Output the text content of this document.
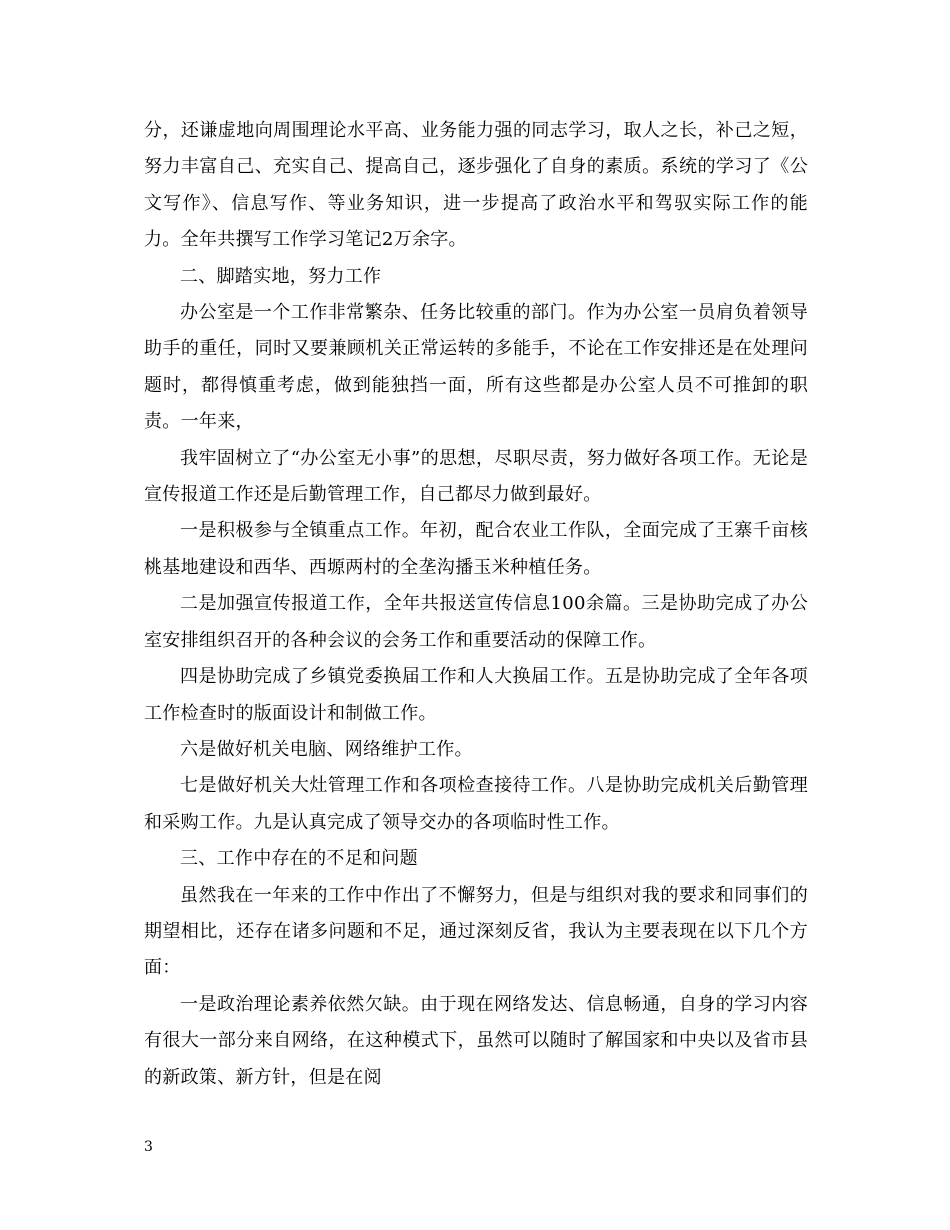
分，还谦虚地向周围理论水平高、业务能力强的同志学习，取人之长，补己之短，努力丰富自己、充实自己、提高自己，逐步强化了自身的素质。系统的学习了《公文写作》、信息写作、等业务知识，进一步提高了政治水平和驾驭实际工作的能力。全年共撰写工作学习笔记2万余字。

二、脚踏实地，努力工作

办公室是一个工作非常繁杂、任务比较重的部门。作为办公室一员肩负着领导助手的重任，同时又要兼顾机关正常运转的多能手，不论在工作安排还是在处理问题时，都得慎重考虑，做到能独挡一面，所有这些都是办公室人员不可推卸的职责。一年来，

我牢固树立了“办公室无小事”的思想，尽职尽责，努力做好各项工作。无论是宣传报道工作还是后勤管理工作，自己都尽力做到最好。

一是积极参与全镇重点工作。年初，配合农业工作队，全面完成了王寨千亩核桃基地建设和西华、西塬两村的全垄沟播玉米种植任务。

二是加强宣传报道工作，全年共报送宣传信息100余篇。三是协助完成了办公室安排组织召开的各种会议的会务工作和重要活动的保障工作。

四是协助完成了乡镇党委换届工作和人大换届工作。五是协助完成了全年各项工作检查时的版面设计和制做工作。

六是做好机关电脑、网络维护工作。

七是做好机关大灶管理工作和各项检查接待工作。八是协助完成机关后勤管理和采购工作。九是认真完成了领导交办的各项临时性工作。

三、工作中存在的不足和问题

虽然我在一年来的工作中作出了不懈努力，但是与组织对我的要求和同事们的期望相比，还存在诸多问题和不足，通过深刻反省，我认为主要表现在以下几个方面：

一是政治理论素养依然欠缺。由于现在网络发达、信息畅通，自身的学习内容有很大一部分来自网络，在这种模式下，虽然可以随时了解国家和中央以及省市县的新政策、新方针，但是在阅

3
